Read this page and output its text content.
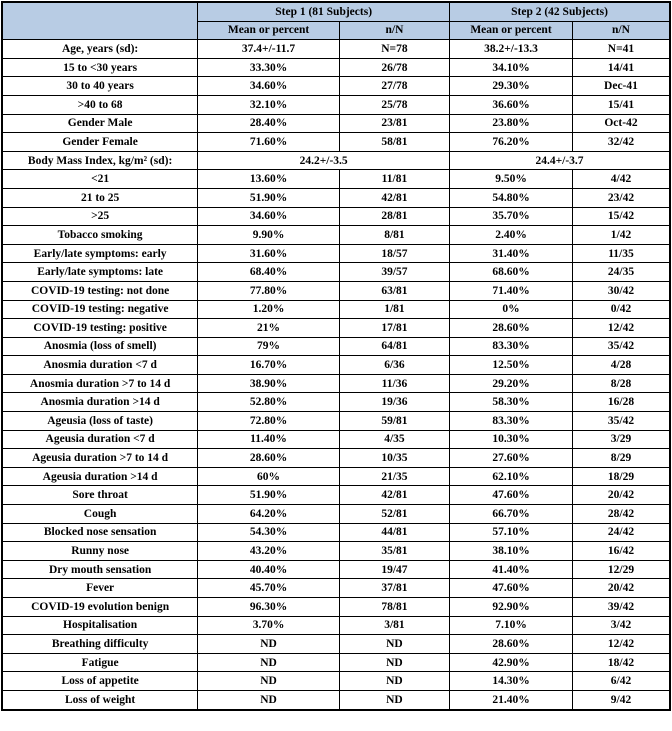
	Step 1 (81 Subjects)		Step 2 (42 Subjects)	
	Mean or percent	n/N	Mean or percent	n/N
Age, years (sd):	37.4+/-11.7	N=78	38.2+/-13.3	N=41
15 to <30 years	33.30%	26/78	34.10%	14/41
30 to 40 years	34.60%	27/78	29.30%	Dec-41
>40 to 68	32.10%	25/78	36.60%	15/41
Gender Male	28.40%	23/81	23.80%	Oct-42
Gender Female	71.60%	58/81	76.20%	32/42
Body Mass Index, kg/m² (sd):	24.2+/-3.5		24.4+/-3.7	
<21	13.60%	11/81	9.50%	4/42
21 to 25	51.90%	42/81	54.80%	23/42
>25	34.60%	28/81	35.70%	15/42
Tobacco smoking	9.90%	8/81	2.40%	1/42
Early/late symptoms: early	31.60%	18/57	31.40%	11/35
Early/late symptoms: late	68.40%	39/57	68.60%	24/35
COVID-19 testing: not done	77.80%	63/81	71.40%	30/42
COVID-19 testing: negative	1.20%	1/81	0%	0/42
COVID-19 testing: positive	21%	17/81	28.60%	12/42
Anosmia (loss of smell)	79%	64/81	83.30%	35/42
Anosmia duration <7 d	16.70%	6/36	12.50%	4/28
Anosmia duration >7 to 14 d	38.90%	11/36	29.20%	8/28
Anosmia duration >14 d	52.80%	19/36	58.30%	16/28
Ageusia (loss of taste)	72.80%	59/81	83.30%	35/42
Ageusia duration <7 d	11.40%	4/35	10.30%	3/29
Ageusia duration >7 to 14 d	28.60%	10/35	27.60%	8/29
Ageusia duration >14 d	60%	21/35	62.10%	18/29
Sore throat	51.90%	42/81	47.60%	20/42
Cough	64.20%	52/81	66.70%	28/42
Blocked nose sensation	54.30%	44/81	57.10%	24/42
Runny nose	43.20%	35/81	38.10%	16/42
Dry mouth sensation	40.40%	19/47	41.40%	12/29
Fever	45.70%	37/81	47.60%	20/42
COVID-19 evolution benign	96.30%	78/81	92.90%	39/42
Hospitalisation	3.70%	3/81	7.10%	3/42
Breathing difficulty	ND	ND	28.60%	12/42
Fatigue	ND	ND	42.90%	18/42
Loss of appetite	ND	ND	14.30%	6/42
Loss of weight	ND	ND	21.40%	9/42
